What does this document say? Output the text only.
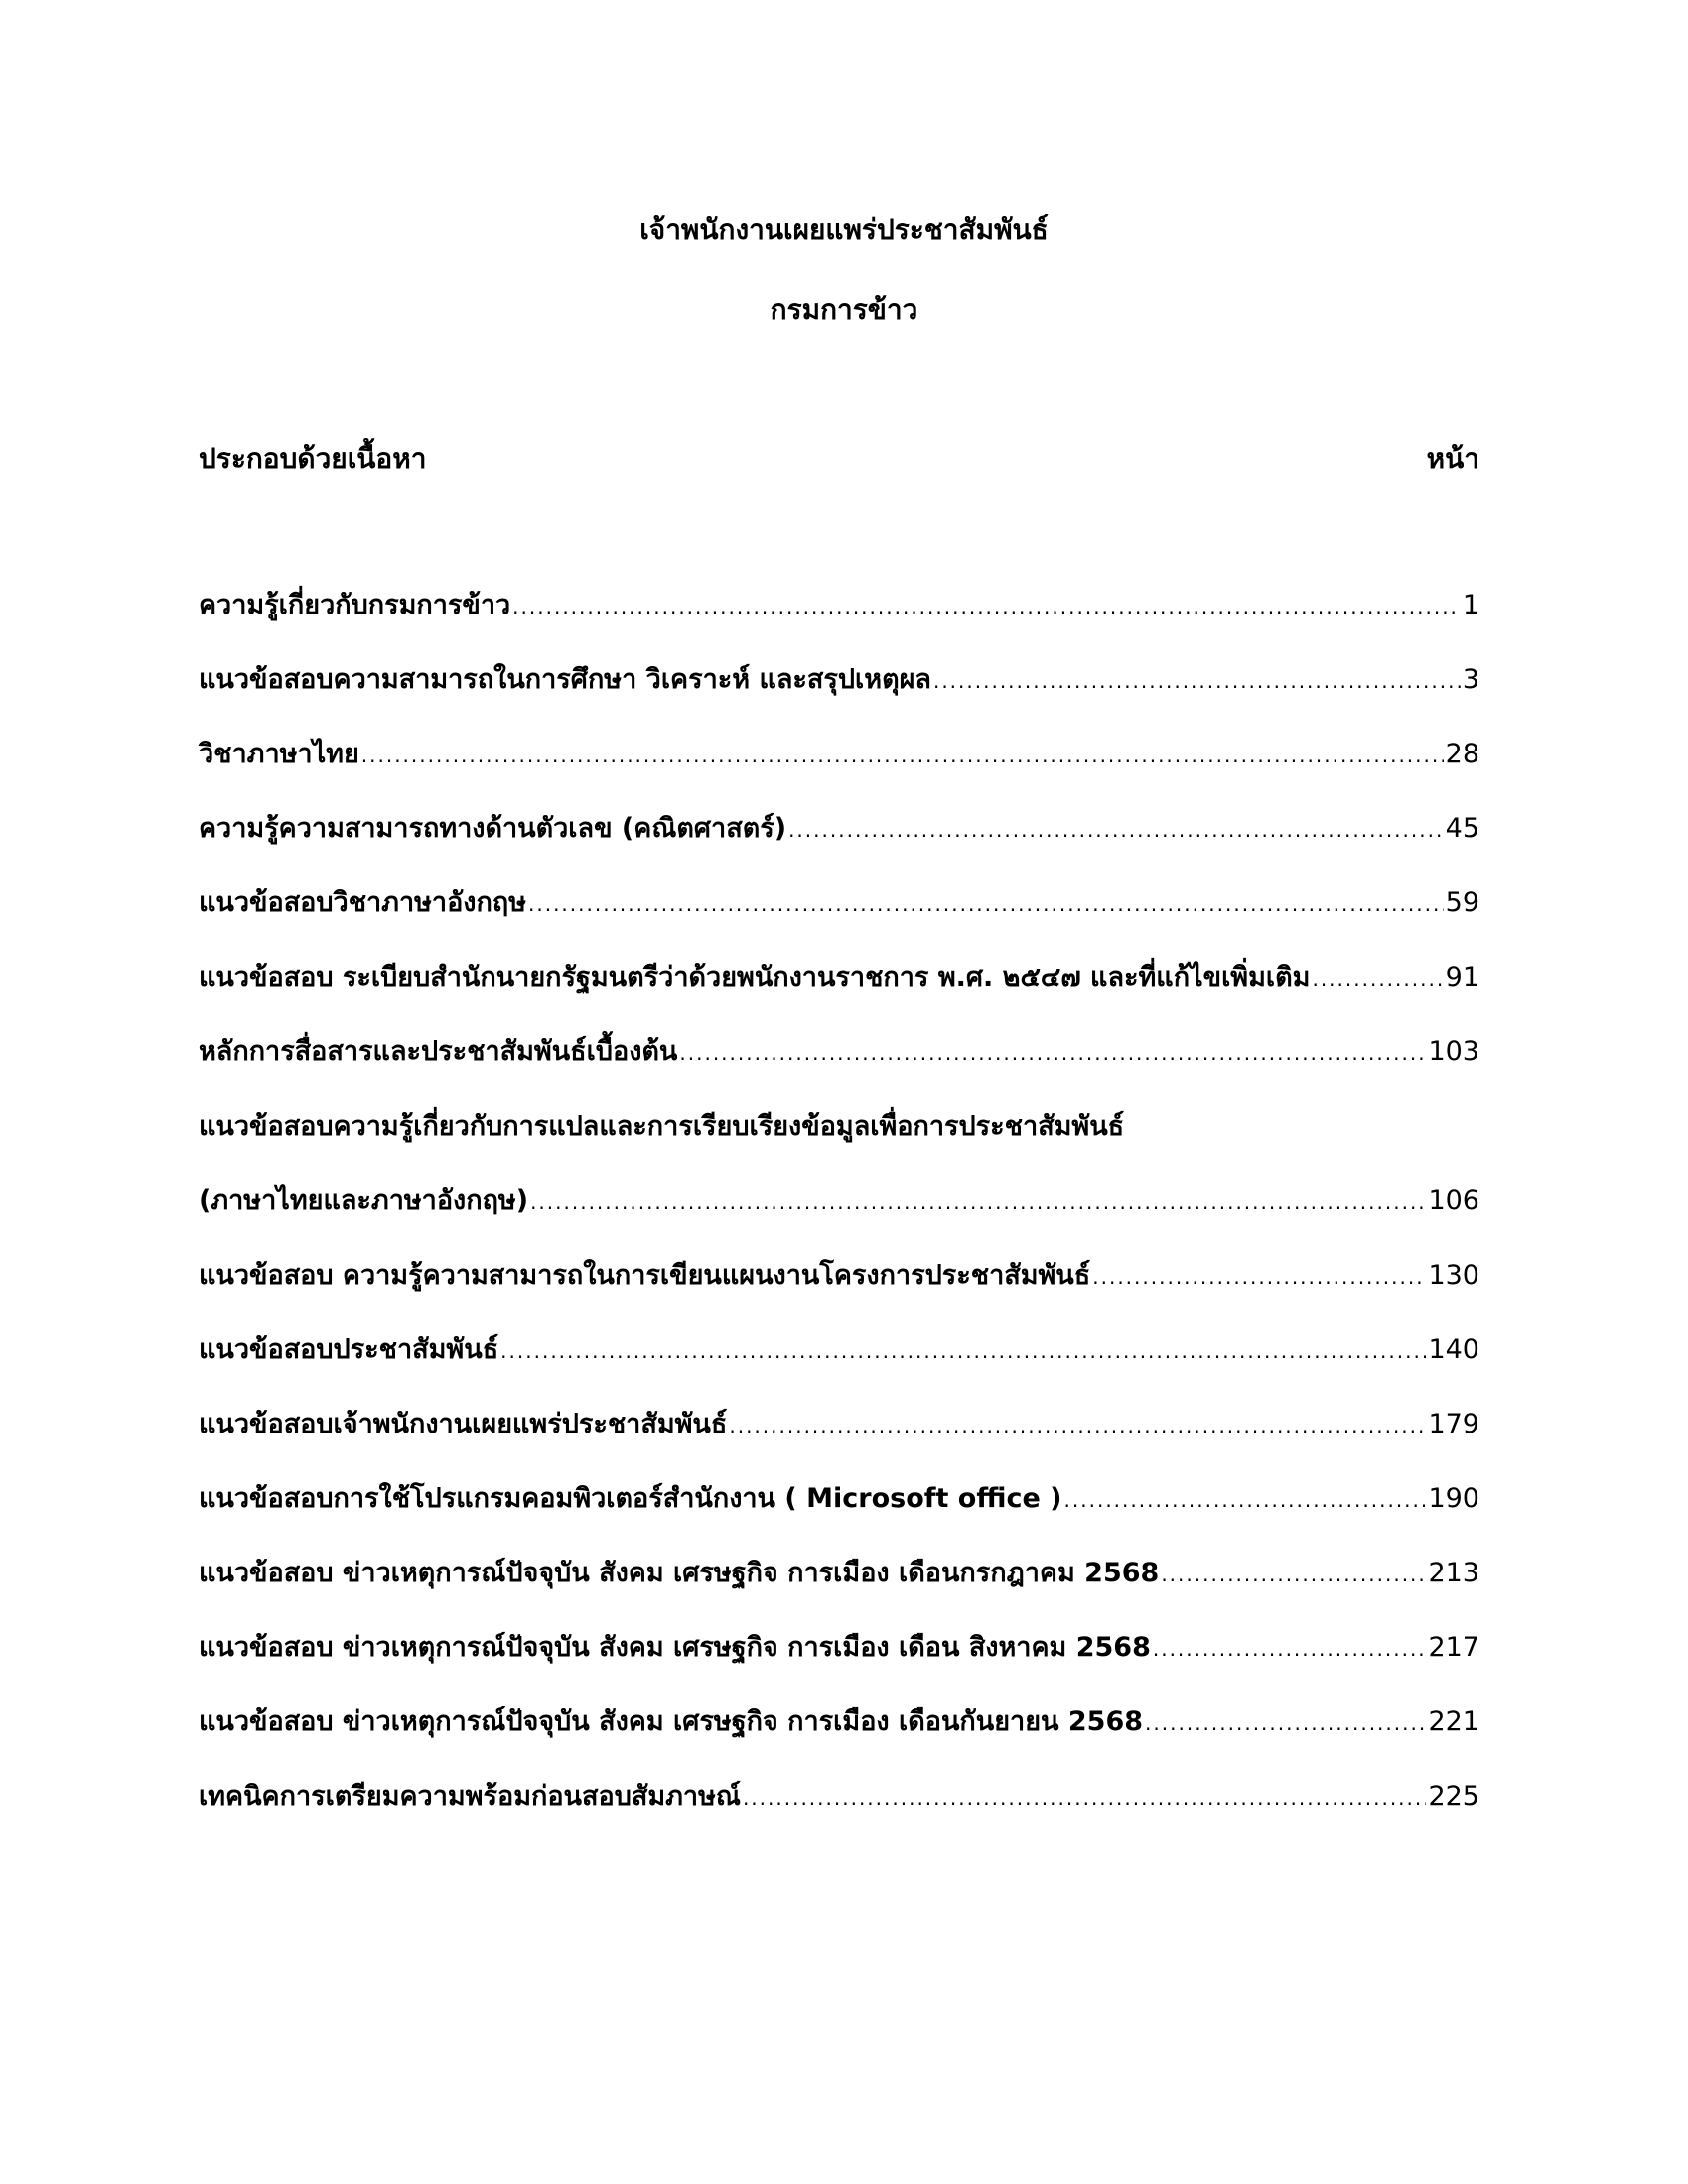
เจ้าพนักงานเผยแพร่ประชาสัมพันธ์
กรมการข้าว
ประกอบด้วยเนื้อหา	หน้า
ความรู้เกี่ยวกับกรมการข้าว .....	1
แนวข้อสอบความสามารถในการศึกษา วิเคราะห์ และสรุปเหตุผล .....	3
วิชาภาษาไทย .....	28
ความรู้ความสามารถทางด้านตัวเลข (คณิตศาสตร์) .....	45
แนวข้อสอบวิชาภาษาอังกฤษ .....	59
แนวข้อสอบ ระเบียบสำนักนายกรัฐมนตรีว่าด้วยพนักงานราชการ พ.ศ. ๒๕๔๗ และที่แก้ไขเพิ่มเติม .....	91
หลักการสื่อสารและประชาสัมพันธ์เบื้องต้น .....	103
แนวข้อสอบความรู้เกี่ยวกับการแปลและการเรียบเรียงข้อมูลเพื่อการประชาสัมพันธ์
(ภาษาไทยและภาษาอังกฤษ) .....	106
แนวข้อสอบ ความรู้ความสามารถในการเขียนแผนงานโครงการประชาสัมพันธ์ .....	130
แนวข้อสอบประชาสัมพันธ์ .....	140
แนวข้อสอบเจ้าพนักงานเผยแพร่ประชาสัมพันธ์ .....	179
แนวข้อสอบการใช้โปรแกรมคอมพิวเตอร์สำนักงาน ( Microsoft office ) .....	190
แนวข้อสอบ ข่าวเหตุการณ์ปัจจุบัน สังคม เศรษฐกิจ การเมือง เดือนกรกฎาคม 2568 .....	213
แนวข้อสอบ ข่าวเหตุการณ์ปัจจุบัน สังคม เศรษฐกิจ การเมือง เดือน สิงหาคม 2568 .....	217
แนวข้อสอบ ข่าวเหตุการณ์ปัจจุบัน สังคม เศรษฐกิจ การเมือง เดือนกันยายน 2568 .....	221
เทคนิคการเตรียมความพร้อมก่อนสอบสัมภาษณ์ .....	225
